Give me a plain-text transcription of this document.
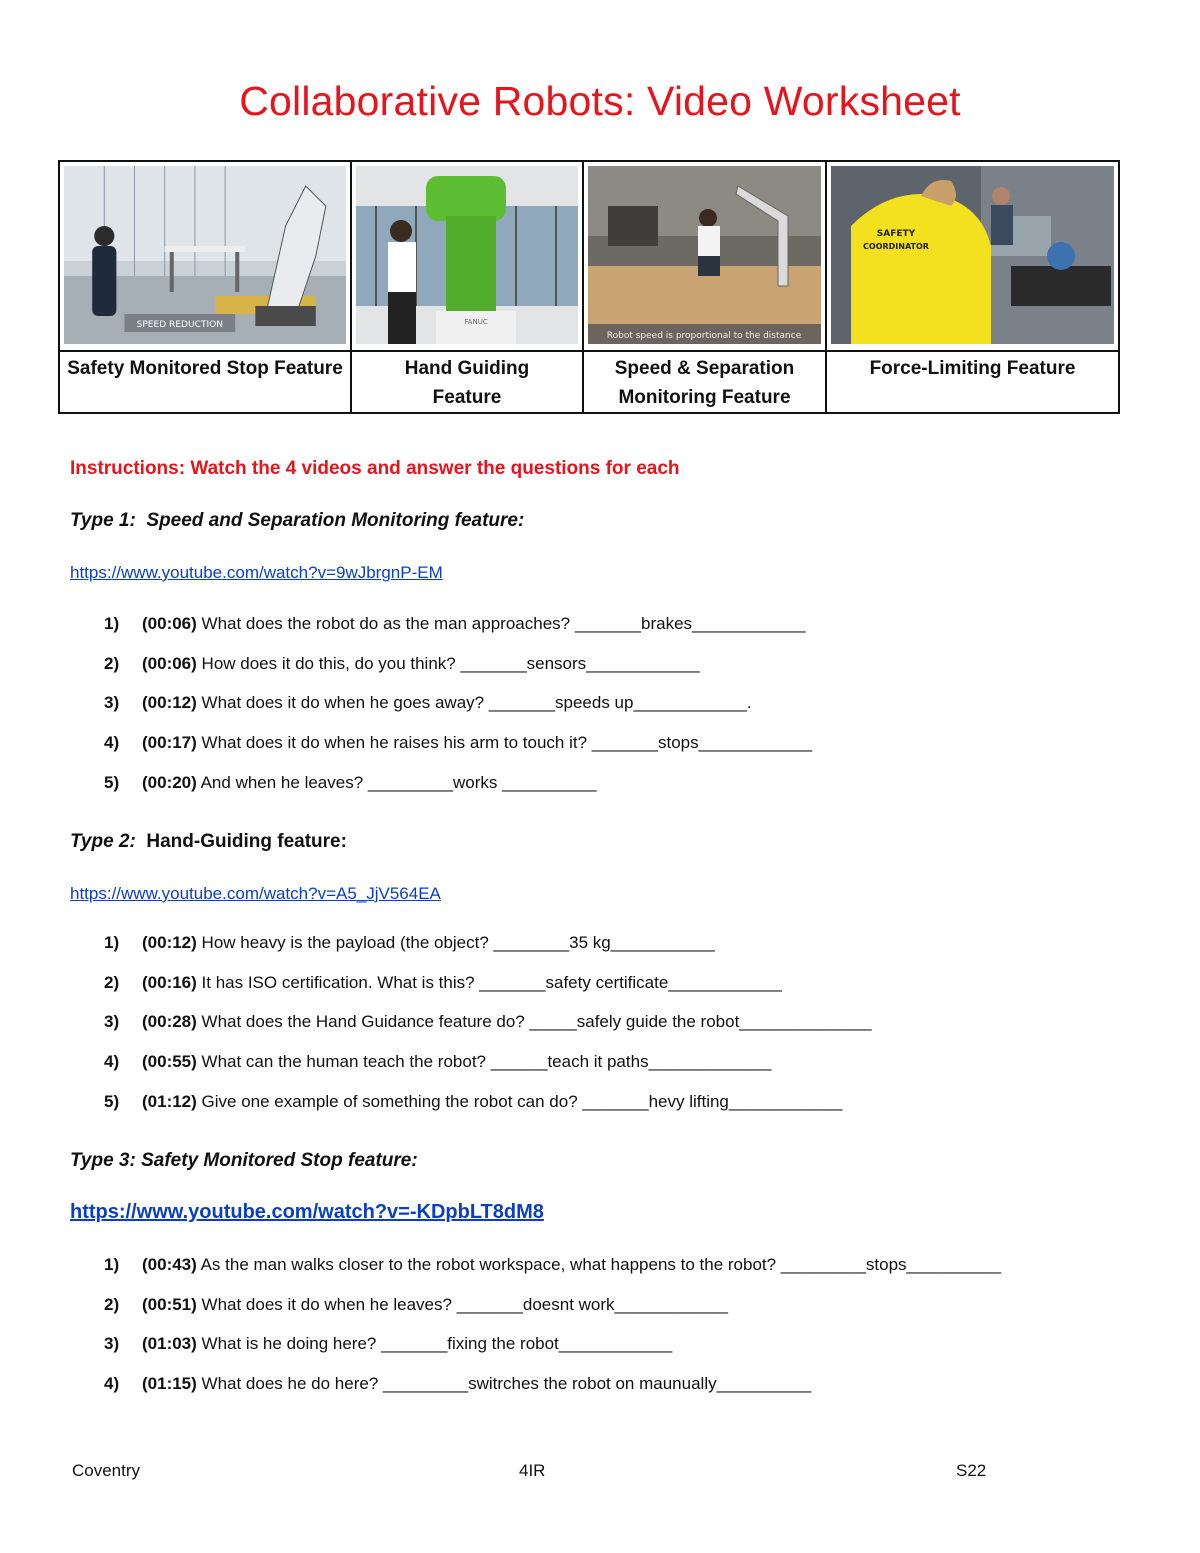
Collaborative Robots: Video Worksheet
SPEED REDUCTION	FANUC	Robot speed is proportional to the distance	SAFETY
COORDINATOR

Safety Monitored Stop Feature	Hand Guiding Feature	Speed & Separation Monitoring Feature	Force-Limiting Feature
Instructions: Watch the 4 videos and answer the questions for each
Type 1: Speed and Separation Monitoring feature:
https://www.youtube.com/watch?v=9wJbrgnP-EM
1) (00:06) What does the robot do as the man approaches? _______brakes____________
2) (00:06) How does it do this, do you think? _______sensors____________
3) (00:12) What does it do when he goes away? _______speeds up____________.
4) (00:17) What does it do when he raises his arm to touch it? _______stops____________
5) (00:20) And when he leaves? _________works __________
Type 2: Hand-Guiding feature:
https://www.youtube.com/watch?v=A5_JjV564EA
1) (00:12) How heavy is the payload (the object? ________35 kg___________
2) (00:16) It has ISO certification. What is this? _______safety certificate____________
3) (00:28) What does the Hand Guidance feature do? _____safely guide the robot______________
4) (00:55) What can the human teach the robot? ______teach it paths_____________
5) (01:12) Give one example of something the robot can do? _______hevy lifting____________
Type 3: Safety Monitored Stop feature:
https://www.youtube.com/watch?v=-KDpbLT8dM8
1) (00:43) As the man walks closer to the robot workspace, what happens to the robot? _________stops__________
2) (00:51) What does it do when he leaves? _______doesnt work____________
3) (01:03) What is he doing here? _______fixing the robot____________
4) (01:15) What does he do here? _________switrches the robot on maunually__________
Coventry	4IR	S22
